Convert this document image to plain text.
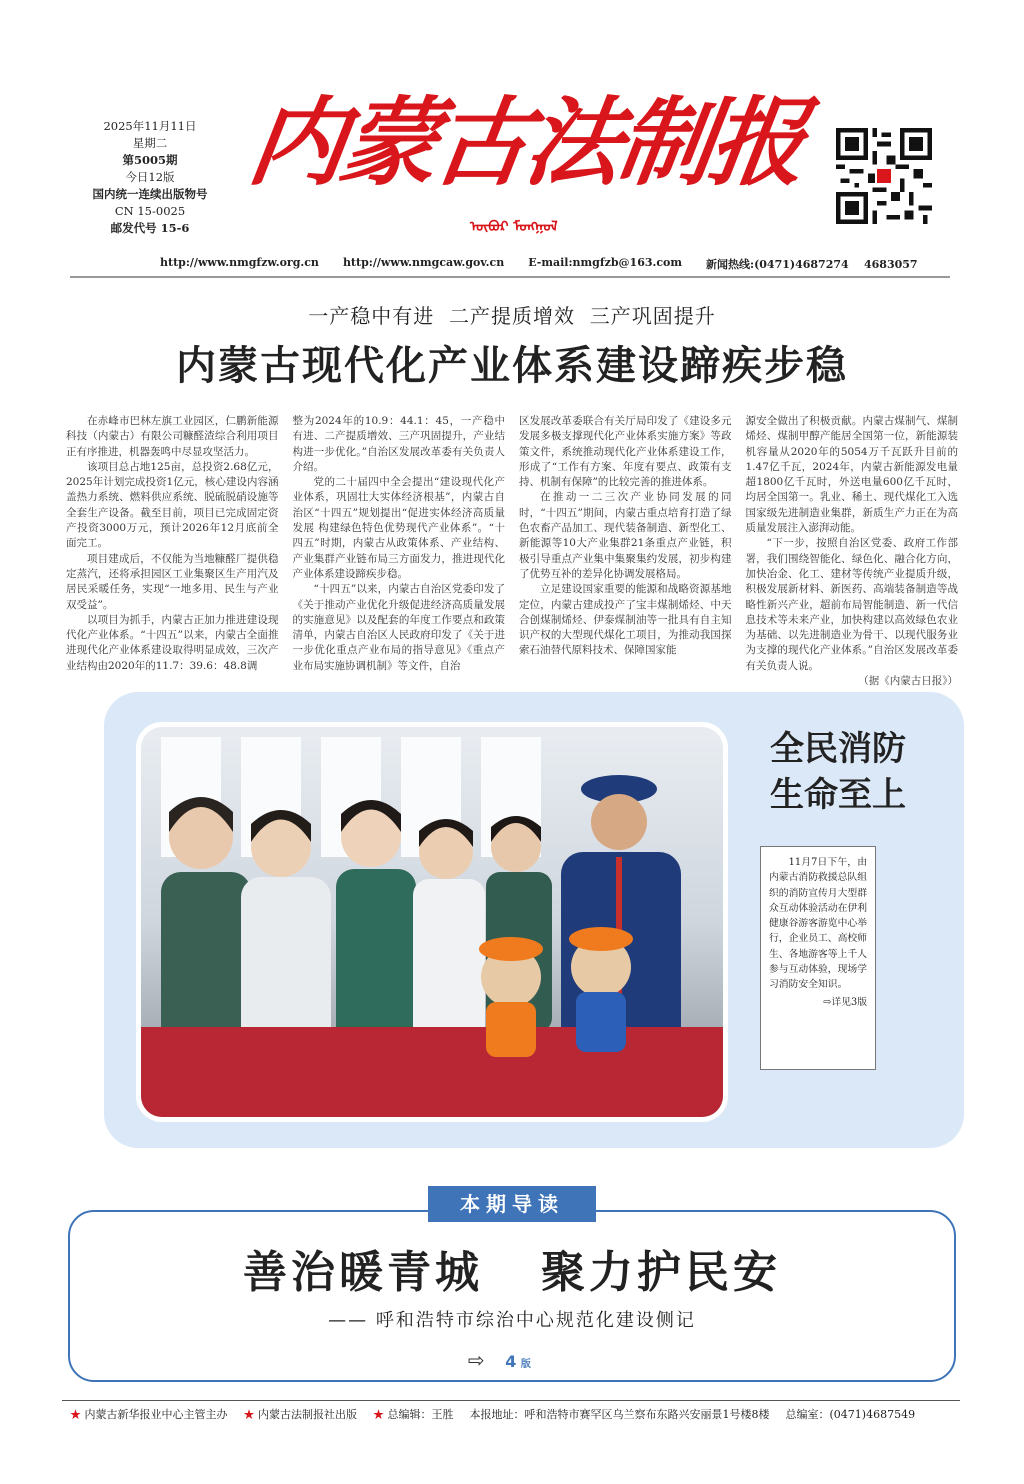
2025年11月11日
星期二
第5005期
今日12版
国内统一连续出版物号
CN 15-0025
邮发代号 15-6
内蒙古法制报
ᠥᠪᠦᠷ ᠮᠣᠩᠭᠣᠯ
http://www.nmgfzw.org.cn http://www.nmgcaw.gov.cn E-mail:nmgfzb@163.com 新闻热线:(0471)4687274    4683057
一产稳中有进  二产提质增效  三产巩固提升
内蒙古现代化产业体系建设蹄疾步稳

在赤峰市巴林左旗工业园区，仁鹏新能源科技（内蒙古）有限公司糠醛渣综合利用项目正有序推进，机器轰鸣中尽显攻坚活力。

该项目总占地125亩，总投资2.68亿元，2025年计划完成投资1亿元，核心建设内容涵盖热力系统、燃料供应系统、脱硫脱硝设施等全套生产设备。截至目前，项目已完成固定资产投资3000万元，预计2026年12月底前全面完工。

项目建成后，不仅能为当地糠醛厂提供稳定蒸汽，还将承担园区工业集聚区生产用汽及居民采暖任务，实现“一地多用、民生与产业双受益”。

以项目为抓手，内蒙古正加力推进建设现代化产业体系。“十四五”以来，内蒙古全面推进现代化产业体系建设取得明显成效，三次产业结构由2020年的11.7：39.6：48.8调

整为2024年的10.9：44.1：45，一产稳中有进、二产提质增效、三产巩固提升，产业结构进一步优化。”自治区发展改革委有关负责人介绍。

党的二十届四中全会提出“建设现代化产业体系，巩固壮大实体经济根基”，内蒙古自治区“十四五”规划提出“促进实体经济高质量发展 构建绿色特色优势现代产业体系”。“十四五”时期，内蒙古从政策体系、产业结构、产业集群产业链布局三方面发力，推进现代化产业体系建设蹄疾步稳。

“十四五”以来，内蒙古自治区党委印发了《关于推动产业优化升级促进经济高质量发展的实施意见》以及配套的年度工作要点和政策清单，内蒙古自治区人民政府印发了《关于进一步优化重点产业布局的指导意见》《重点产业布局实施协调机制》等文件，自治

区发展改革委联合有关厅局印发了《建设多元发展多极支撑现代化产业体系实施方案》等政策文件，系统推动现代化产业体系建设工作，形成了“工作有方案、年度有要点、政策有支持、机制有保障”的比较完善的推进体系。

在推动一二三次产业协同发展的同时，“十四五”期间，内蒙古重点培育打造了绿色农畜产品加工、现代装备制造、新型化工、新能源等10大产业集群21条重点产业链，积极引导重点产业集中集聚集约发展，初步构建了优势互补的差异化协调发展格局。

立足建设国家重要的能源和战略资源基地定位，内蒙古建成投产了宝丰煤制烯烃、中天合创煤制烯烃、伊泰煤制油等一批具有自主知识产权的大型现代煤化工项目，为推动我国探索石油替代原料技术、保障国家能

源安全做出了积极贡献。内蒙古煤制气、煤制烯烃、煤制甲醇产能居全国第一位，新能源装机容量从2020年的5054万千瓦跃升目前的1.47亿千瓦，2024年，内蒙古新能源发电量超1800亿千瓦时，外送电量600亿千瓦时，均居全国第一。乳业、稀土、现代煤化工入选国家级先进制造业集群，新质生产力正在为高质量发展注入澎湃动能。

“下一步，按照自治区党委、政府工作部署，我们围绕智能化、绿色化、融合化方向，加快冶金、化工、建材等传统产业提质升级，积极发展新材料、新医药、高端装备制造等战略性新兴产业，超前布局智能制造、新一代信息技术等未来产业，加快构建以高效绿色农业为基础、以先进制造业为骨干、以现代服务业为支撑的现代化产业体系。”自治区发展改革委有关负责人说。

（据《内蒙古日报》）

全民消防
生命至上

11月7日下午，由内蒙古消防救援总队组织的消防宣传月大型群众互动体验活动在伊利健康谷游客游览中心举行，企业员工、高校师生、各地游客等上千人参与互动体验，现场学习消防安全知识。

⇨详见3版
本期导读
善治暖青城   聚力护民安
—— 呼和浩特市综治中心规范化建设侧记
⇨ 4 版
★ 内蒙古新华报业中心主管主办 ★ 内蒙古法制报社出版 ★ 总编辑：王胜 本报地址：呼和浩特市赛罕区乌兰察布东路兴安丽景1号楼8楼 总编室：(0471)4687549
